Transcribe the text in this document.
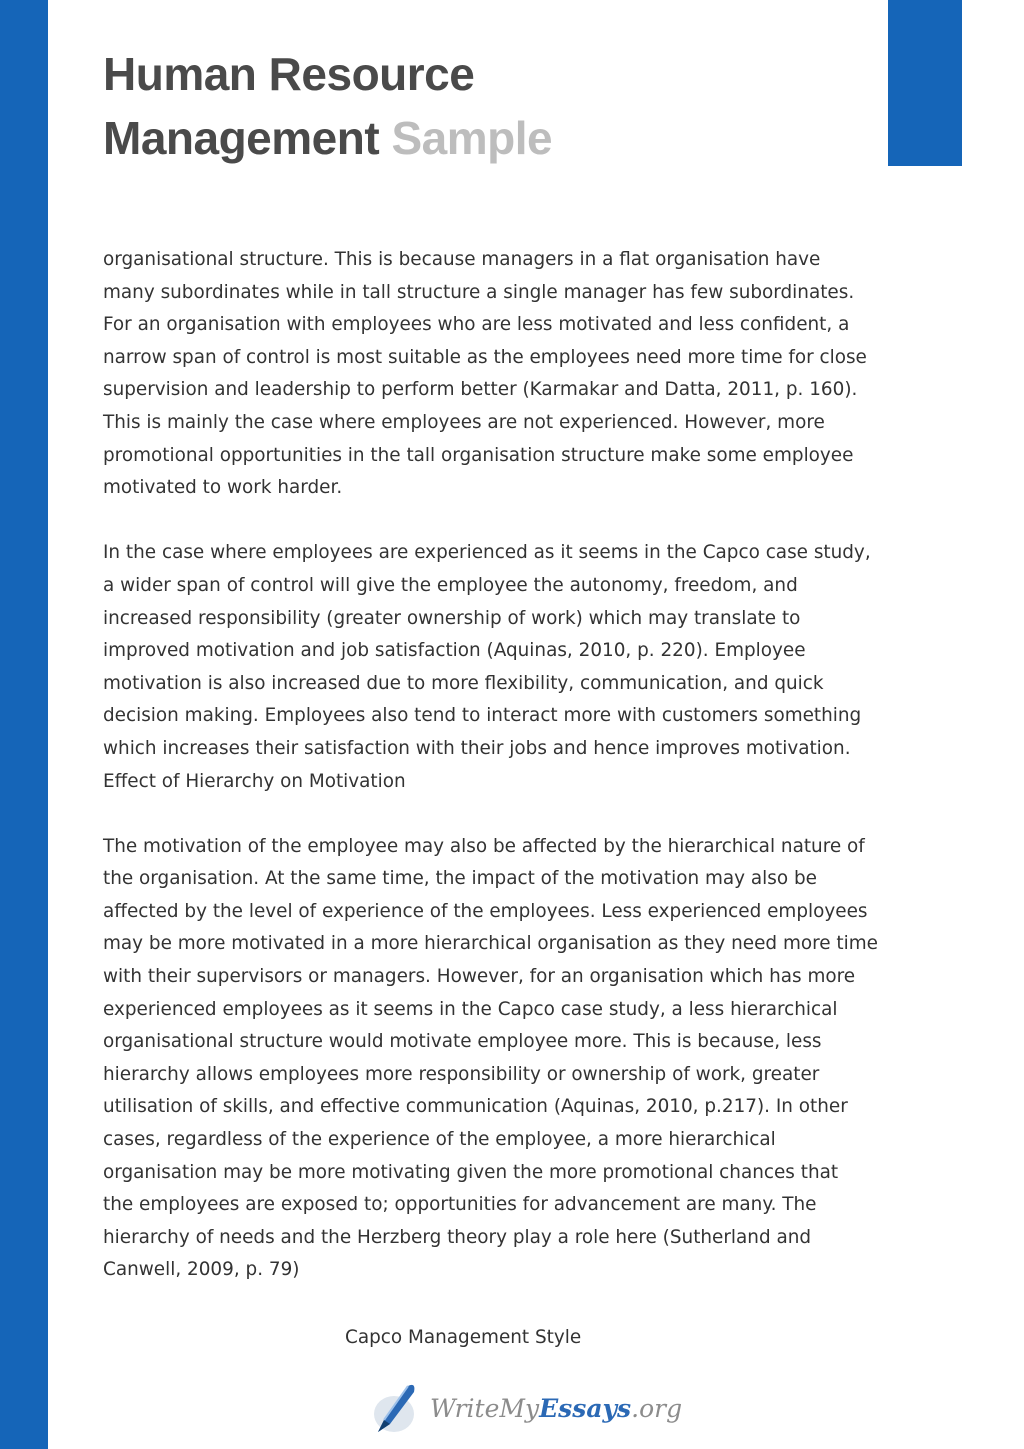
Human Resource
Management Sample

organisational structure. This is because managers in a flat organisation have
many subordinates while in tall structure a single manager has few subordinates.
For an organisation with employees who are less motivated and less confident, a
narrow span of control is most suitable as the employees need more time for close
supervision and leadership to perform better (Karmakar and Datta, 2011, p. 160).
This is mainly the case where employees are not experienced. However, more
promotional opportunities in the tall organisation structure make some employee
motivated to work harder.

In the case where employees are experienced as it seems in the Capco case study,
a wider span of control will give the employee the autonomy, freedom, and
increased responsibility (greater ownership of work) which may translate to
improved motivation and job satisfaction (Aquinas, 2010, p. 220). Employee
motivation is also increased due to more flexibility, communication, and quick
decision making. Employees also tend to interact more with customers something
which increases their satisfaction with their jobs and hence improves motivation.
Effect of Hierarchy on Motivation

The motivation of the employee may also be affected by the hierarchical nature of
the organisation. At the same time, the impact of the motivation may also be
affected by the level of experience of the employees. Less experienced employees
may be more motivated in a more hierarchical organisation as they need more time
with their supervisors or managers. However, for an organisation which has more
experienced employees as it seems in the Capco case study, a less hierarchical
organisational structure would motivate employee more. This is because, less
hierarchy allows employees more responsibility or ownership of work, greater
utilisation of skills, and effective communication (Aquinas, 2010, p.217). In other
cases, regardless of the experience of the employee, a more hierarchical
organisation may be more motivating given the more promotional chances that
the employees are exposed to; opportunities for advancement are many. The
hierarchy of needs and the Herzberg theory play a role here (Sutherland and
Canwell, 2009, p. 79)

Capco Management Style
WriteMyEssays.org
